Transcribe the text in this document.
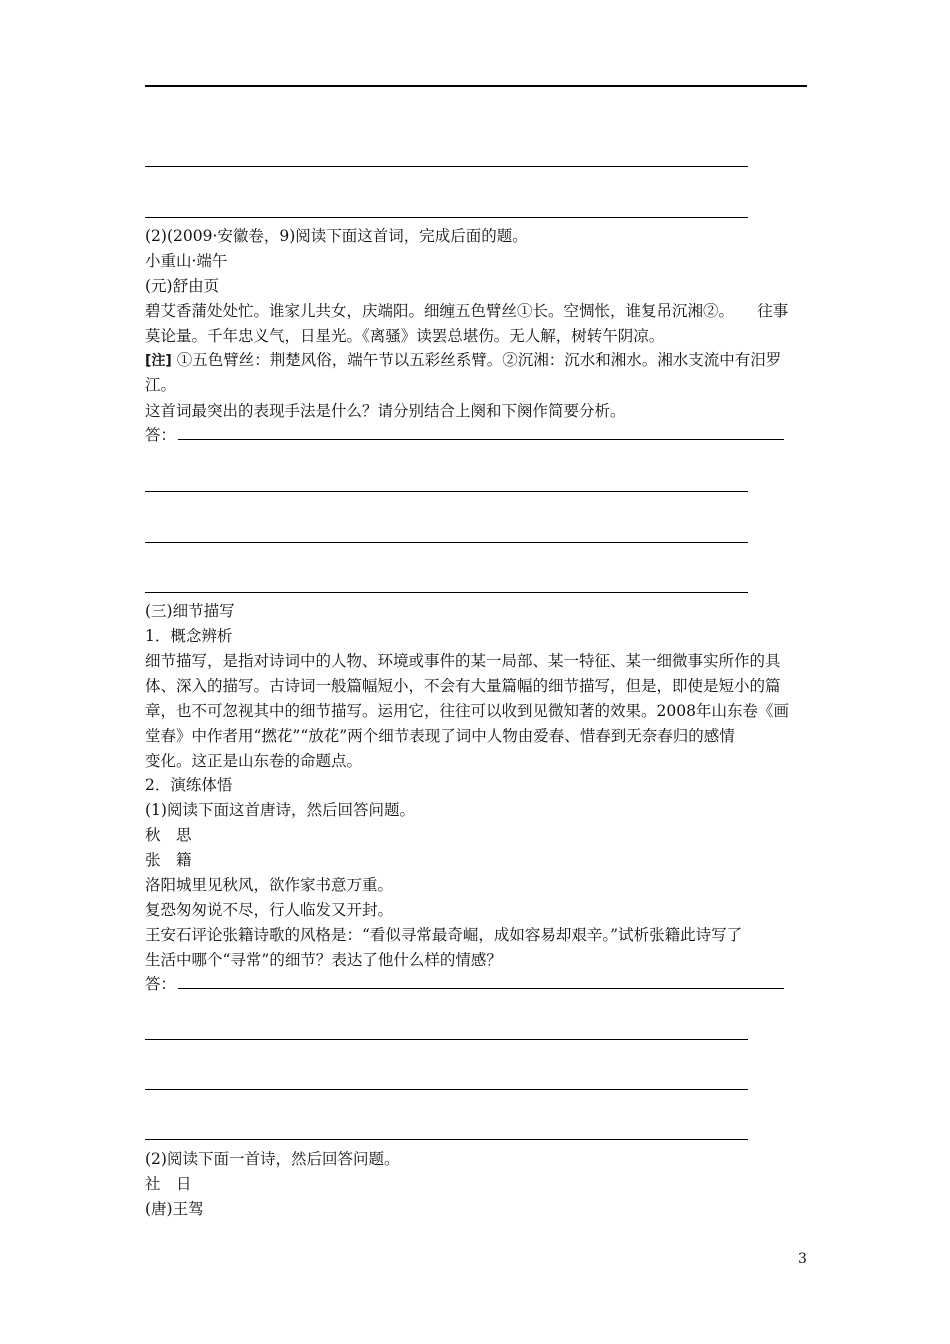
(2)(2009·安徽卷，9)阅读下面这首词，完成后面的题。
小重山·端午
(元)舒由页
碧艾香蒲处处忙。谁家儿共女，庆端阳。细缠五色臂丝①长。空惆怅，谁复吊沉湘②。　　往事
莫论量。千年忠义气，日星光。《离骚》读罢总堪伤。无人解，树转午阴凉。
[注] ①五色臂丝：荆楚风俗，端午节以五彩丝系臂。②沉湘：沉水和湘水。湘水支流中有汨罗
江。
这首词最突出的表现手法是什么？请分别结合上阕和下阕作简要分析。
答：
(三)细节描写
1．概念辨析
细节描写，是指对诗词中的人物、环境或事件的某一局部、某一特征、某一细微事实所作的具
体、深入的描写。古诗词一般篇幅短小，不会有大量篇幅的细节描写，但是，即使是短小的篇
章，也不可忽视其中的细节描写。运用它，往往可以收到见微知著的效果。2008年山东卷《画
堂春》中作者用“撚花”“放花”两个细节表现了词中人物由爱春、惜春到无奈春归的感情
变化。这正是山东卷的命题点。
2．演练体悟
(1)阅读下面这首唐诗，然后回答问题。
秋　思
张　籍
洛阳城里见秋风，欲作家书意万重。
复恐匆匆说不尽，行人临发又开封。
王安石评论张籍诗歌的风格是：“看似寻常最奇崛，成如容易却艰辛。”试析张籍此诗写了
生活中哪个“寻常”的细节？表达了他什么样的情感？
答：
(2)阅读下面一首诗，然后回答问题。
社　日
(唐)王驾
3
